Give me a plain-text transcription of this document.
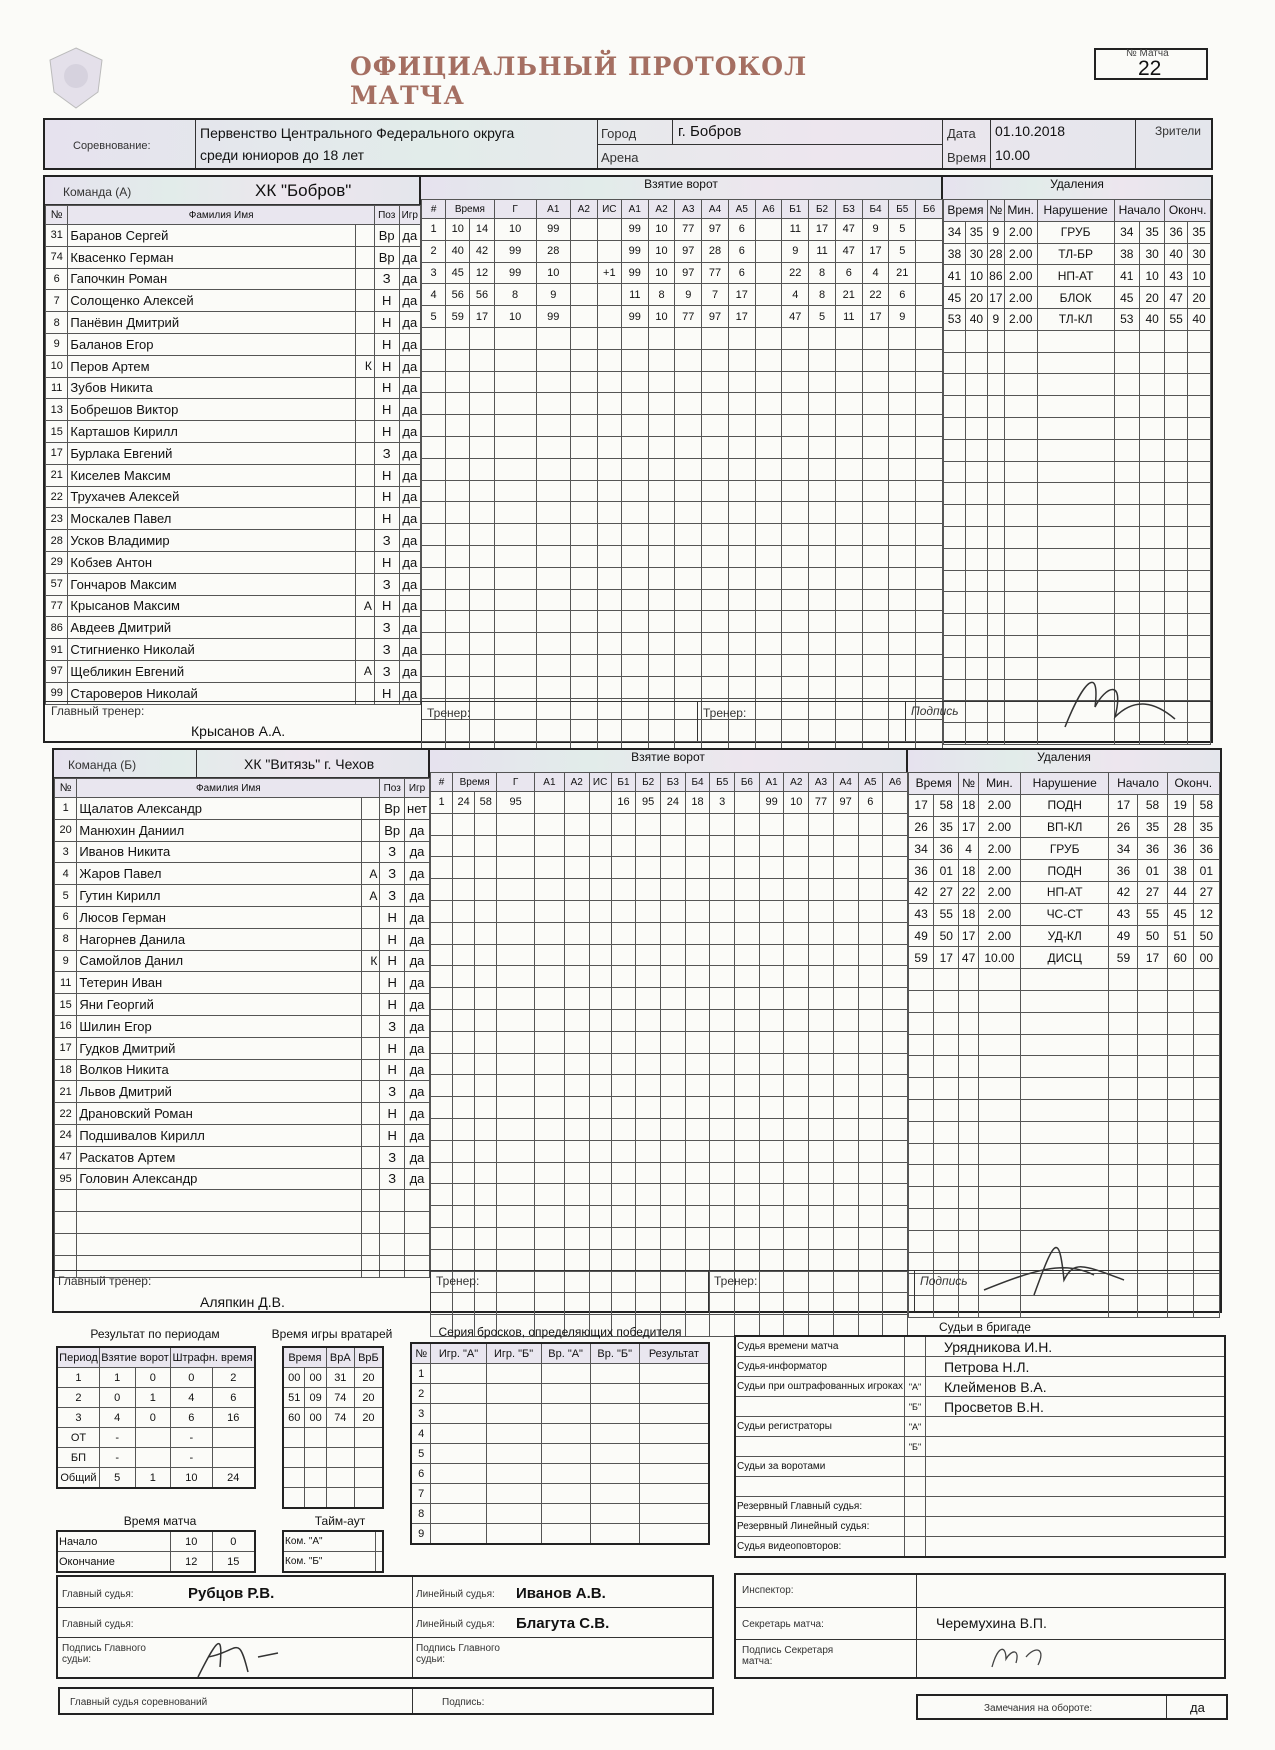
ОФИЦИАЛЬНЫЙ ПРОТОКОЛ МАТЧА
№ Матча
22
Соревнование:
Первенство Центрального Федерального округа
среди юниоров до 18 лет
Город	г. Бобров
Арена
Дата 01.10.2018
Время 10.00
Зрители
Команда (А)	ХК "Бобров"	Взятие ворот	Удаления
№	Фамилия Имя		Поз	Игр
31	Баранов Сергей		Вр	да
74	Квасенко Герман		Вр	да
6	Гапочкин Роман		З	да
7	Солощенко Алексей		Н	да
8	Панёвин Дмитрий		Н	да
9	Баланов Егор		Н	да
10	Перов Артем	К	Н	да
11	Зубов Никита		Н	да
13	Бобрешов Виктор		Н	да
15	Карташов Кирилл		Н	да
17	Бурлака Евгений		З	да
21	Киселев Максим		Н	да
22	Трухачев Алексей		Н	да
23	Москалев Павел		Н	да
28	Усков Владимир		З	да
29	Кобзев Антон		Н	да
57	Гончаров Максим		З	да
77	Крысанов Максим	А	Н	да
86	Авдеев Дмитрий		З	да
91	Стигниенко Николай		З	да
97	Щебликин Евгений	А	З	да
99	Староверов Николай		Н	да
#	Время		Г	А1	А2	ИС	А1	А2	А3	А4	А5	А6	Б1	Б2	Б3	Б4	Б5	Б6
1	10	14	10	99			99	10	77	97	6		11	17	47	9	5	
2	40	42	99	28			99	10	97	28	6		9	11	47	17	5	
3	45	12	99	10		+1	99	10	97	77	6		22	8	6	4	21	
4	56	56	8	9			11	8	9	7	17		4	8	21	22	6	
5	59	17	10	99			99	10	77	97	17		47	5	11	17	9	

Время		№	Мин.	Нарушение	Начало		Оконч.	
34	35	9	2.00	ГРУБ	34	35	36	35
38	30	28	2.00	ТЛ-БР	38	30	40	30
41	10	86	2.00	НП-АТ	41	10	43	10
45	20	17	2.00	БЛОК	45	20	47	20
53	40	9	2.00	ТЛ-КЛ	53	40	55	40

Главный тренер:
Крысанов А.А.
Тренер:	Тренер:	Подпись
Команда (Б)	ХК "Витязь" г. Чехов	Взятие ворот	Удаления
№	Фамилия Имя		Поз	Игр
1	Щалатов Александр		Вр	нет
20	Манюхин Даниил		Вр	да
3	Иванов Никита		З	да
4	Жаров Павел	А	З	да
5	Гутин Кирилл	А	З	да
6	Люсов Герман		Н	да
8	Нагорнев Данила		Н	да
9	Самойлов Данил	К	Н	да
11	Тетерин Иван		Н	да
15	Яни Георгий		Н	да
16	Шилин Егор		З	да
17	Гудков Дмитрий		Н	да
18	Волков Никита		Н	да
21	Львов Дмитрий		З	да
22	Драновский Роман		Н	да
24	Подшивалов Кирилл		Н	да
47	Раскатов Артем		З	да
95	Головин Александр		З	да

#	Время		Г	А1	А2	ИС	Б1	Б2	Б3	Б4	Б5	Б6	А1	А2	А3	А4	А5	А6
1	24	58	95				16	95	24	18	3		99	10	77	97	6	

Время		№	Мин.	Нарушение	Начало		Оконч.	
17	58	18	2.00	ПОДН	17	58	19	58
26	35	17	2.00	ВП-КЛ	26	35	28	35
34	36	4	2.00	ГРУБ	34	36	36	36
36	01	18	2.00	ПОДН	36	01	38	01
42	27	22	2.00	НП-АТ	42	27	44	27
43	55	18	2.00	ЧС-СТ	43	55	45	12
49	50	17	2.00	УД-КЛ	49	50	51	50
59	17	47	10.00	ДИСЦ	59	17	60	00

Главный тренер:
Аляпкин Д.В.
Тренер:	Тренер:	Подпись
Результат по периодам
Период	Взятие ворот		Штрафн. время	
1	1	0	0	2
2	0	1	4	6
3	4	0	6	16
ОТ	-		-	
БП	-		-	
Общий	5	1	10	24
Время игры вратарей
Время		ВрА	ВрБ
00	00	31	20
51	09	74	20
60	00	74	20

Время матча
Начало	10	0
Окончание	12	15
Тайм-аут
Ком. "А"	
Ком. "Б"	
Серия бросков, определяющих победителя
№	Игр. "А"	Игр. "Б"	Вр. "А"	Вр. "Б"	Результат
1					
2					
3					
4					
5					
6					
7					
8					
9					
Судьи в бригаде
Судья времени матча		Урядникова И.Н.
Судья-информатор		Петрова Н.Л.
Судьи при оштрафованных игроках	"А"	Клейменов В.А.
	"Б"	Просветов В.Н.
Судьи регистраторы	"А"	
	"Б"	
Судьи за воротами		

Резервный Главный судья:		
Резервный Линейный судья:		
Судья видеоповторов:		
Главный судья:	Рубцов Р.В.
Главный судья:
Линейный судья: Иванов А.В.
Линейный судья: Благута С.В.
Подпись Главного судьи:
Подпись Главного судьи:
Главный судья соревнований	Подпись:
Инспектор:
Секретарь матча:	Черемухина В.П.
Подпись Секретаря матча:
Замечания на обороте:	да
